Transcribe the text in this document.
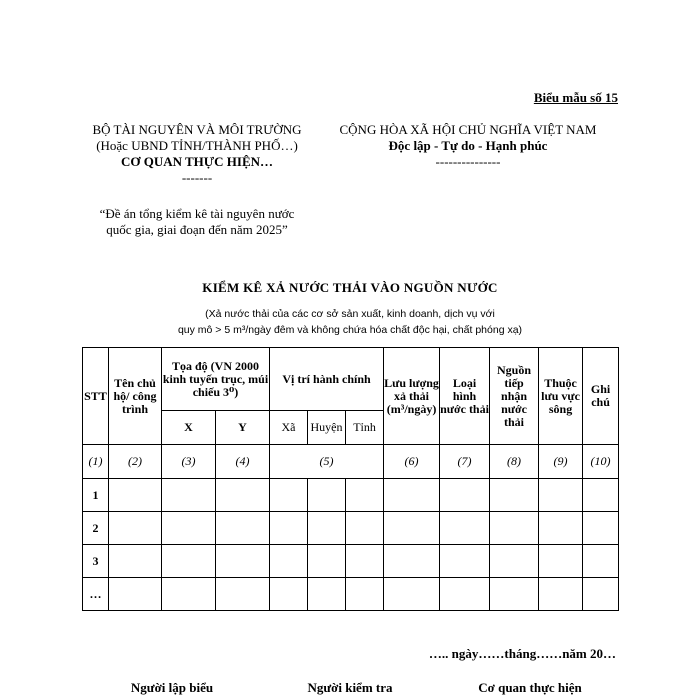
Biểu mẫu số 15
BỘ TÀI NGUYÊN VÀ MÔI TRƯỜNG
(Hoặc UBND TỈNH/THÀNH PHỐ…)
CƠ QUAN THỰC HIỆN…
-------
CỘNG HÒA XÃ HỘI CHỦ NGHĨA VIỆT NAM
Độc lập - Tự do - Hạnh phúc
---------------
“Đề án tổng kiểm kê tài nguyên nước
quốc gia, giai đoạn đến năm 2025”
KIỂM KÊ XẢ NƯỚC THẢI VÀO NGUỒN NƯỚC
(Xả nước thải của các cơ sở sản xuất, kinh doanh, dịch vụ với
quy mô > 5 m³/ngày đêm và không chứa hóa chất độc hại, chất phóng xạ)
STT	Tên chủ hộ/ công trình	Tọa độ (VN 2000 kinh tuyến trục, múi chiếu 3⁰)		Vị trí hành chính			Lưu lượng xả thải (m³/ngày)	Loại hình nước thải	Nguồn tiếp nhận nước thải	Thuộc lưu vực sông	Ghi chú
		X	Y	Xã	Huyện	Tỉnh					
(1)	(2)	(3)	(4)	(5)			(6)	(7)	(8)	(9)	(10)
1											
2											
3											
…											
….. ngày……tháng……năm 20…
Người lập biểu	Người kiểm tra	Cơ quan thực hiện
